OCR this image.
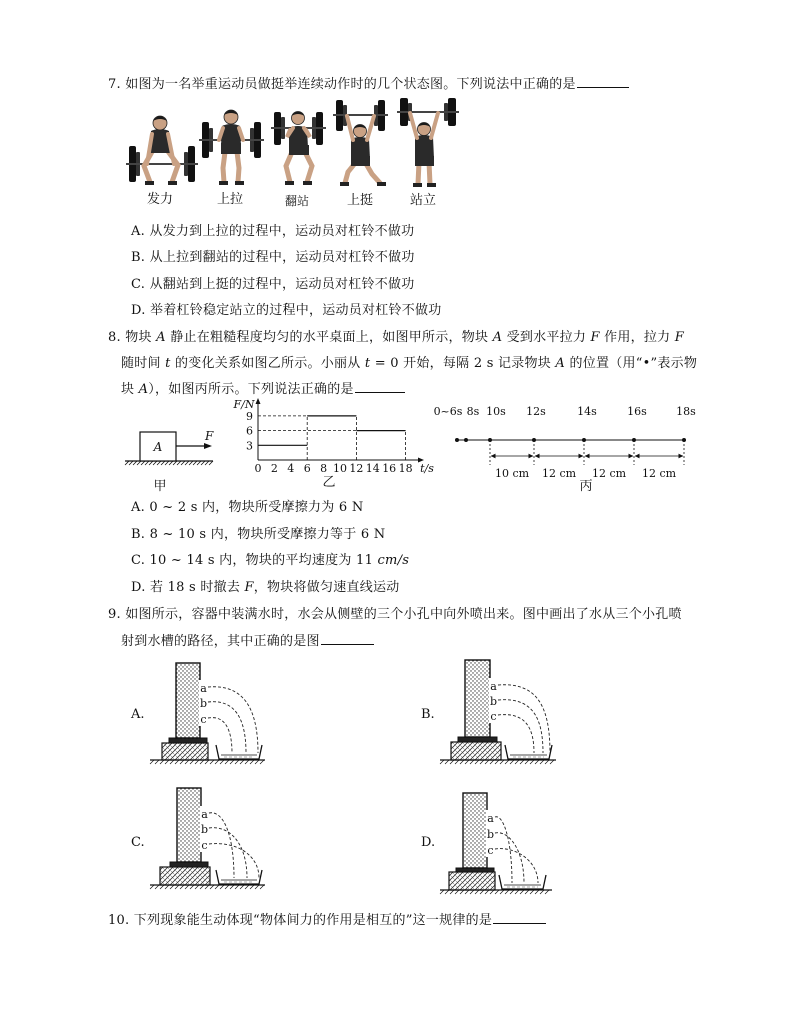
7. 如图为一名举重运动员做挺举连续动作时的几个状态图。下列说法中正确的是
发力	上拉	翻站	上挺	站立
A. 从发力到上拉的过程中，运动员对杠铃不做功
B. 从上拉到翻站的过程中，运动员对杠铃不做功
C. 从翻站到上挺的过程中，运动员对杠铃不做功
D. 举着杠铃稳定站立的过程中，运动员对杠铃不做功
8. 物块 A 静止在粗糙程度均匀的水平桌面上，如图甲所示，物块 A 受到水平拉力 F 作用，拉力 F
随时间 t 的变化关系如图乙所示。小丽从 t = 0 开始，每隔 2 s 记录物块 A 的位置（用“•”表示物
块 A），如图丙所示。下列说法正确的是
A
F
甲
F/N
t/s
3
6
9
0 2 4 6 8 10 12 14 16 18
乙
0~6s 8s 10s 12s	14s	16s	18s
10 cm 12 cm 12 cm 12 cm
丙
A. 0 ~ 2 s 内，物块所受摩擦力为 6 N
B. 8 ~ 10 s 内，物块所受摩擦力等于 6 N
C. 10 ~ 14 s 内，物块的平均速度为 11 cm/s
D. 若 18 s 时撤去 F，物块将做匀速直线运动
9. 如图所示，容器中装满水时，水会从侧壁的三个小孔中向外喷出来。图中画出了水从三个小孔喷
射到水槽的路径，其中正确的是图
A.
a
b
c	B.
a
b
c
C.
a
b
c	D.
a
b
c
10. 下列现象能生动体现“物体间力的作用是相互的”这一规律的是
